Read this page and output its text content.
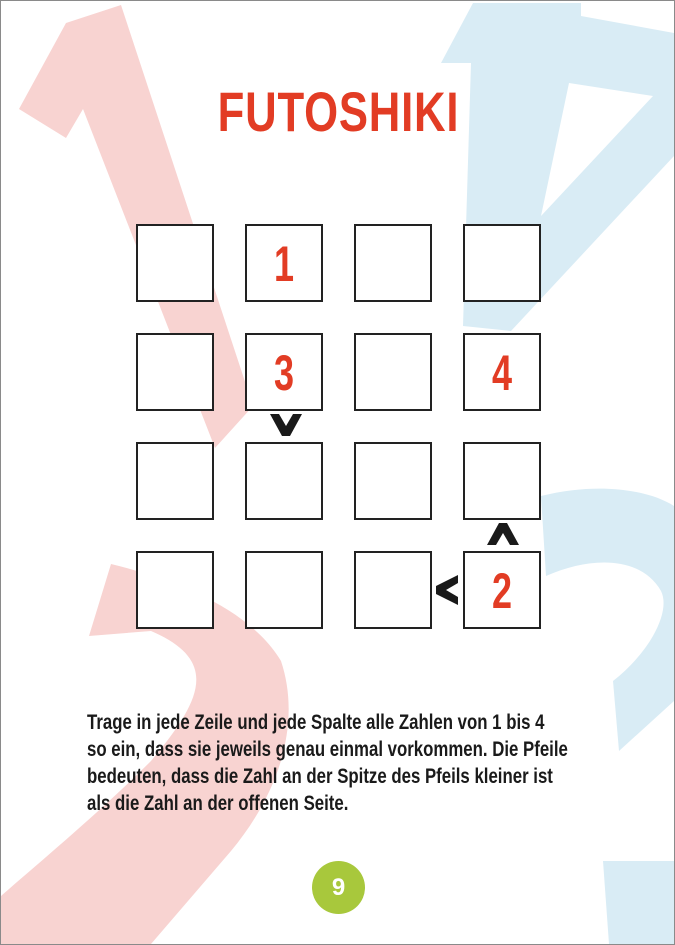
FUTOSHIKI
1
3	4
2
Trage in jede Zeile und jede Spalte alle Zahlen von 1 bis 4
so ein, dass sie jeweils genau einmal vorkommen. Die Pfeile
bedeuten, dass die Zahl an der Spitze des Pfeils kleiner ist
als die Zahl an der offenen Seite.
9
